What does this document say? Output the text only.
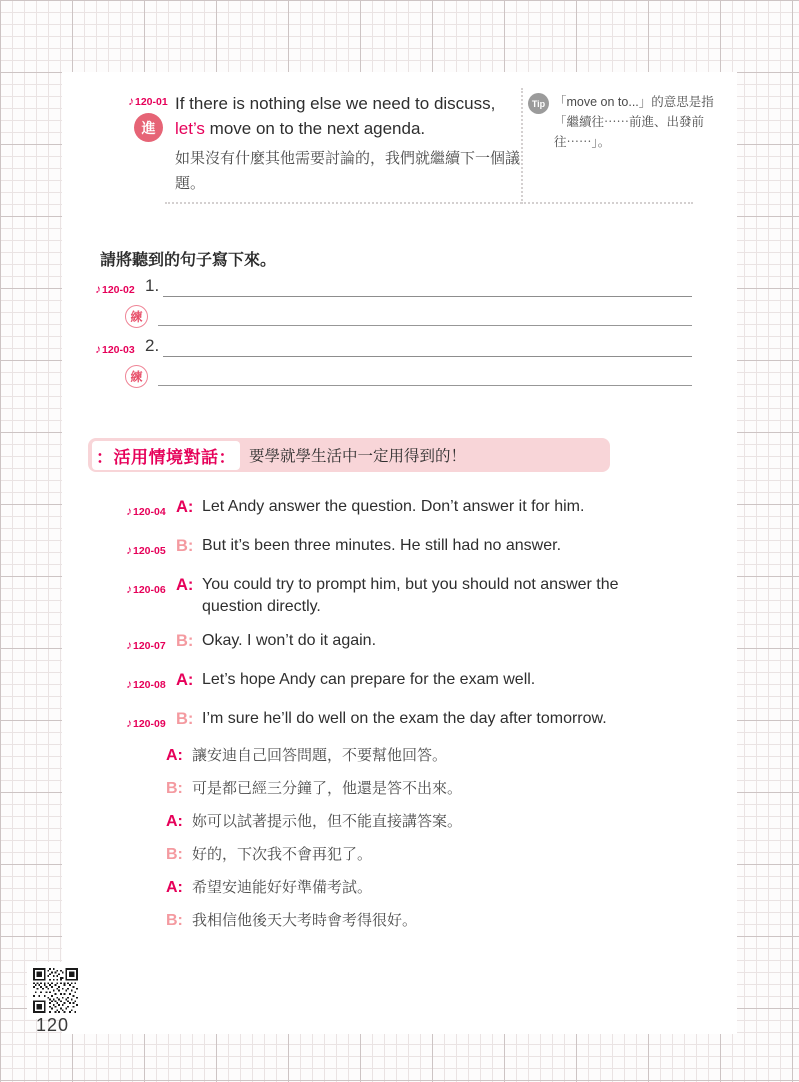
♪120-01
進
If there is nothing else we need to discuss,
let’s move on to the next agenda.
如果沒有什麼其他需要討論的，我們就繼續下一個議題。
Tip 「move on to...」的意思是指「繼續往⋯⋯前進、出發前往⋯⋯」。
請將聽到的句子寫下來。
♪120-02 1.
練
♪120-03 2.
練
：活用情境對話： 要學就學生活中一定用得到的！
♪120-04 A: Let Andy answer the question. Don’t answer it for him.
♪120-05 B: But it’s been three minutes. He still had no answer.
♪120-06 A: You could try to prompt him, but you should not answer the question directly.
♪120-07 B: Okay. I won’t do it again.
♪120-08 A: Let’s hope Andy can prepare for the exam well.
♪120-09 B: I’m sure he’ll do well on the exam the day after tomorrow.
A: 讓安迪自己回答問題，不要幫他回答。
B: 可是都已經三分鐘了，他還是答不出來。
A: 妳可以試著提示他，但不能直接講答案。
B: 好的，下次我不會再犯了。
A: 希望安迪能好好準備考試。
B: 我相信他後天大考時會考得很好。
120
